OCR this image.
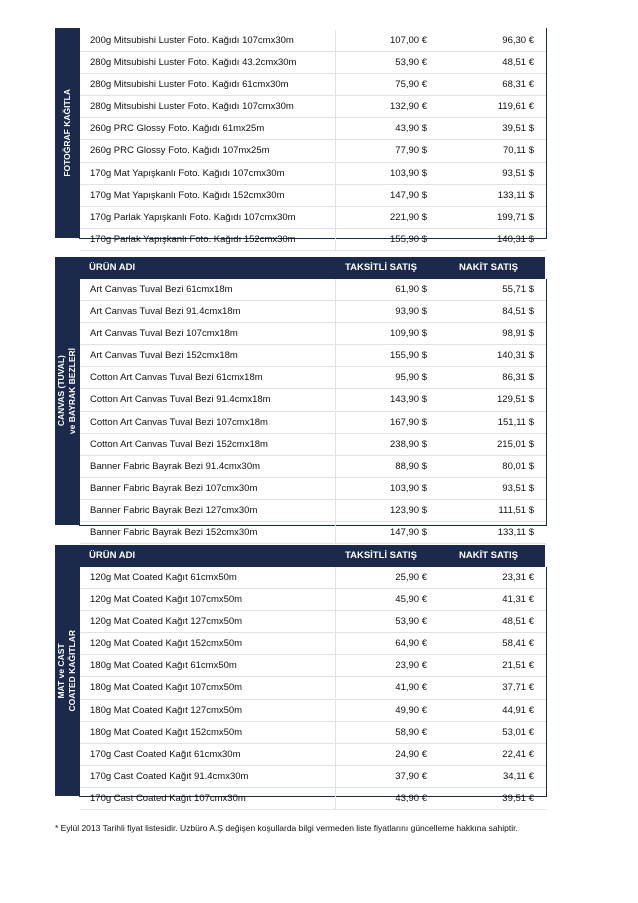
FOTOĞRAF KAĞITLA
200g Mitsubishi Luster Foto. Kağıdı 107cmx30m	107,00 €	96,30 €
280g Mitsubishi Luster Foto. Kağıdı 43.2cmx30m	53,90 €	48,51 €
280g Mitsubishi Luster Foto. Kağıdı 61cmx30m	75,90 €	68,31 €
280g Mitsubishi Luster Foto. Kağıdı 107cmx30m	132,90 €	119,61 €
260g PRC Glossy Foto. Kağıdı 61mx25m	43,90 $	39,51 $
260g PRC Glossy Foto. Kağıdı 107mx25m	77,90 $	70,11 $
170g Mat Yapışkanlı Foto. Kağıdı 107cmx30m	103,90 $	93,51 $
170g Mat Yapışkanlı Foto. Kağıdı 152cmx30m	147,90 $	133,11 $
170g Parlak Yapışkanlı Foto. Kağıdı 107cmx30m	221,90 $	199,71 $
170g Parlak Yapışkanlı Foto. Kağıdı 152cmx30m	155,90 $	140,31 $
CANVAS (TUVAL)
ve BAYRAK BEZLERİ
ÜRÜN ADI	TAKSİTLİ SATIŞ	NAKİT SATIŞ
Art Canvas Tuval Bezi 61cmx18m	61,90 $	55,71 $
Art Canvas Tuval Bezi 91.4cmx18m	93,90 $	84,51 $
Art Canvas Tuval Bezi 107cmx18m	109,90 $	98,91 $
Art Canvas Tuval Bezi 152cmx18m	155,90 $	140,31 $
Cotton Art Canvas Tuval Bezi 61cmx18m	95,90 $	86,31 $
Cotton Art Canvas Tuval Bezi 91.4cmx18m	143,90 $	129,51 $
Cotton Art Canvas Tuval Bezi 107cmx18m	167,90 $	151,11 $
Cotton Art Canvas Tuval Bezi 152cmx18m	238,90 $	215,01 $
Banner Fabric Bayrak Bezi 91.4cmx30m	88,90 $	80,01 $
Banner Fabric Bayrak Bezi 107cmx30m	103,90 $	93,51 $
Banner Fabric Bayrak Bezi 127cmx30m	123,90 $	111,51 $
Banner Fabric Bayrak Bezi 152cmx30m	147,90 $	133,11 $
MAT ve CAST
COATED KAĞITLAR
ÜRÜN ADI	TAKSİTLİ SATIŞ	NAKİT SATIŞ
120g Mat Coated Kağıt 61cmx50m	25,90 €	23,31 €
120g Mat Coated Kağıt 107cmx50m	45,90 €	41,31 €
120g Mat Coated Kağıt 127cmx50m	53,90 €	48,51 €
120g Mat Coated Kağıt 152cmx50m	64,90 €	58,41 €
180g Mat Coated Kağıt 61cmx50m	23,90 €	21,51 €
180g Mat Coated Kağıt 107cmx50m	41,90 €	37,71 €
180g Mat Coated Kağıt 127cmx50m	49,90 €	44,91 €
180g Mat Coated Kağıt 152cmx50m	58,90 €	53,01 €
170g Cast Coated Kağıt 61cmx30m	24,90 €	22,41 €
170g Cast Coated Kağıt 91.4cmx30m	37,90 €	34,11 €
170g Cast Coated Kağıt 107cmx30m	43,90 €	39,51 €
* Eylül 2013 Tarihli fiyat listesidir. Uzbüro A.Ş değişen koşullarda bilgi vermeden liste fiyatlarını güncelleme hakkına sahiptir.
